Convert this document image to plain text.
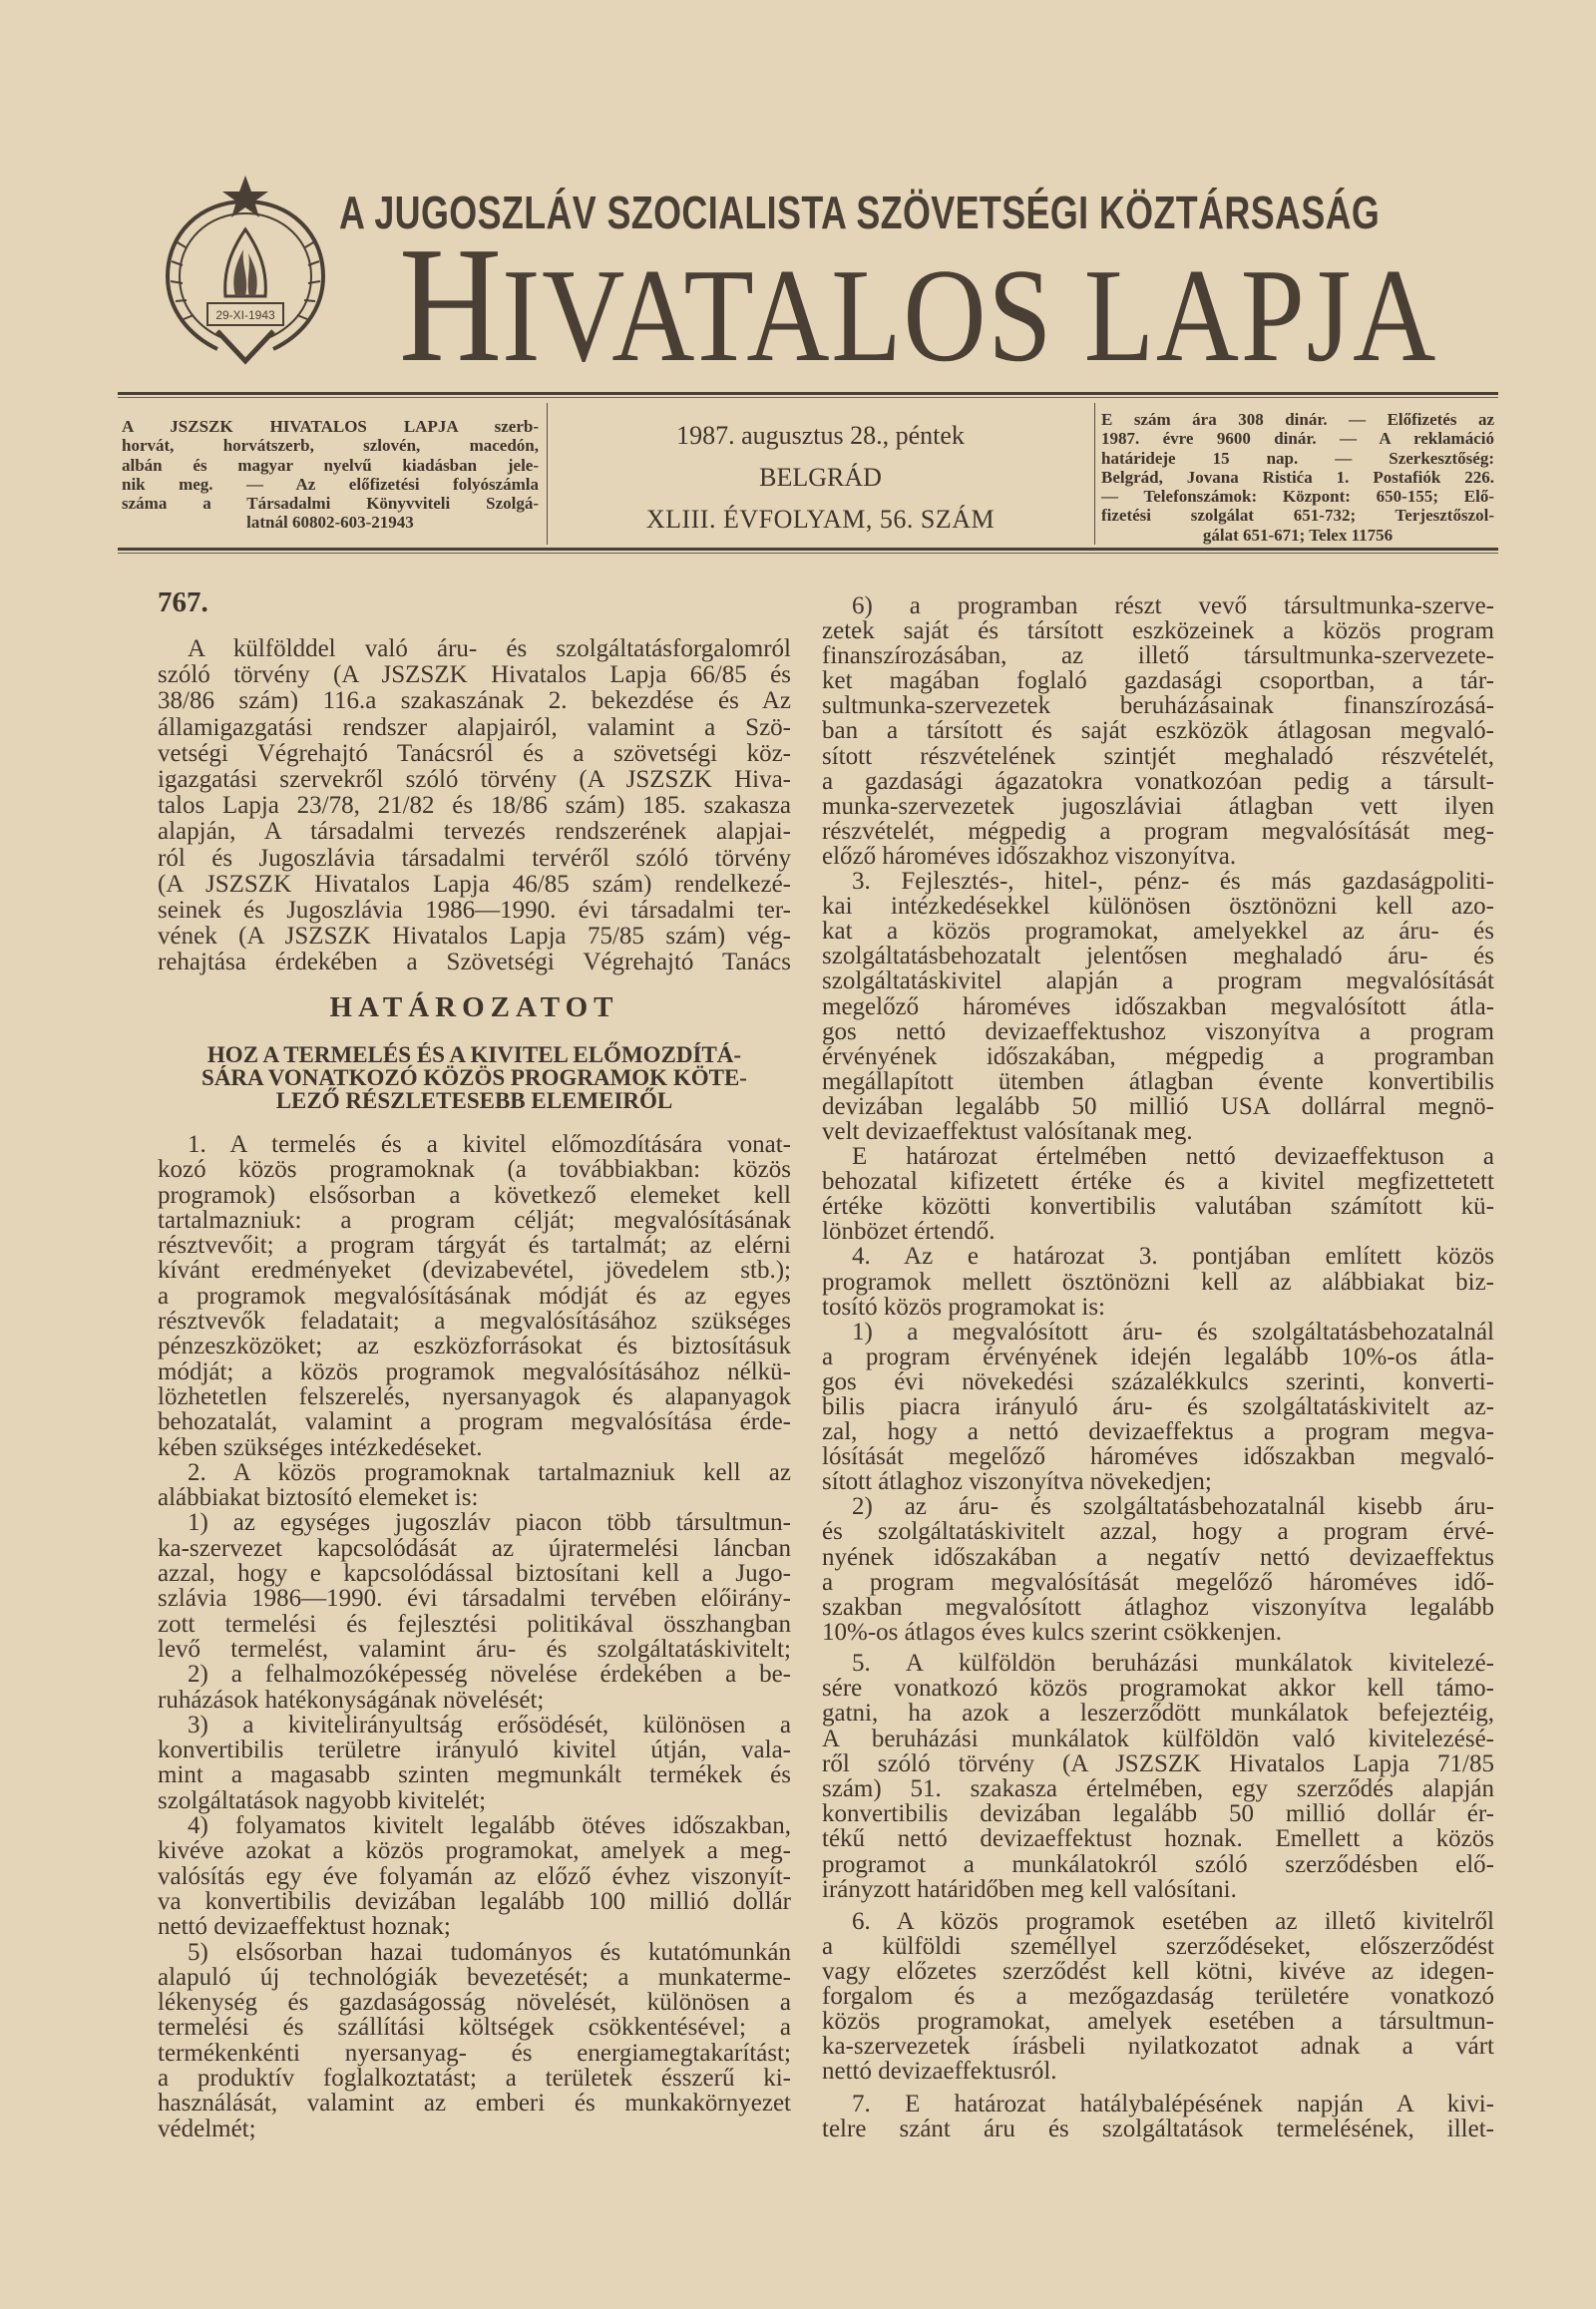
29-XI-1943
A JUGOSZLÁV SZOCIALISTA SZÖVETSÉGI KÖZTÁRSASÁG
HIVATALOS LAPJA
A JSZSZK HIVATALOS LAPJA szerb-
horvát, horvátszerb, szlovén, macedón,
albán és magyar nyelvű kiadásban jele-
nik meg. — Az előfizetési folyószámla
száma a Társadalmi Könyvviteli Szolgá-
latnál 60802-603-21943
1987. augusztus 28., péntek
BELGRÁD
XLIII. ÉVFOLYAM, 56. SZÁM
E szám ára 308 dinár. — Előfizetés az
1987. évre 9600 dinár. — A reklamáció
határideje 15 nap. — Szerkesztőség:
Belgrád, Jovana Ristića 1. Postafiók 226.
— Telefonszámok: Központ: 650-155; Elő-
fizetési szolgálat 651-732; Terjesztőszol-
gálat 651-671; Telex 11756
767.
A külfölddel való áru- és szolgáltatásforgalomról
szóló törvény (A JSZSZK Hivatalos Lapja 66/85 és
38/86 szám) 116.a szakaszának 2. bekezdése és Az
államigazgatási rendszer alapjairól, valamint a Szö-
vetségi Végrehajtó Tanácsról és a szövetségi köz-
igazgatási szervekről szóló törvény (A JSZSZK Hiva-
talos Lapja 23/78, 21/82 és 18/86 szám) 185. szakasza
alapján, A társadalmi tervezés rendszerének alapjai-
ról és Jugoszlávia társadalmi tervéről szóló törvény
(A JSZSZK Hivatalos Lapja 46/85 szám) rendelkezé-
seinek és Jugoszlávia 1986—1990. évi társadalmi ter-
vének (A JSZSZK Hivatalos Lapja 75/85 szám) vég-
rehajtása érdekében a Szövetségi Végrehajtó Tanács
HATÁROZATOT
HOZ A TERMELÉS ÉS A KIVITEL ELŐMOZDÍTÁ-
SÁRA VONATKOZÓ KÖZÖS PROGRAMOK KÖTE-
LEZŐ RÉSZLETESEBB ELEMEIRŐL
1. A termelés és a kivitel előmozdítására vonat-
kozó közös programoknak (a továbbiakban: közös
programok) elsősorban a következő elemeket kell
tartalmazniuk: a program célját; megvalósításának
résztvevőit; a program tárgyát és tartalmát; az elérni
kívánt eredményeket (devizabevétel, jövedelem stb.);
a programok megvalósításának módját és az egyes
résztvevők feladatait; a megvalósításához szükséges
pénzeszközöket; az eszközforrásokat és biztosításuk
módját; a közös programok megvalósításához nélkü-
lözhetetlen felszerelés, nyersanyagok és alapanyagok
behozatalát, valamint a program megvalósítása érde-
kében szükséges intézkedéseket.
2. A közös programoknak tartalmazniuk kell az
alábbiakat biztosító elemeket is:
1) az egységes jugoszláv piacon több társultmun-
ka-szervezet kapcsolódását az újratermelési láncban
azzal, hogy e kapcsolódással biztosítani kell a Jugo-
szlávia 1986—1990. évi társadalmi tervében előirány-
zott termelési és fejlesztési politikával összhangban
levő termelést, valamint áru- és szolgáltatáskivitelt;
2) a felhalmozóképesség növelése érdekében a be-
ruházások hatékonyságának növelését;
3) a kivitelirányultság erősödését, különösen a
konvertibilis területre irányuló kivitel útján, vala-
mint a magasabb szinten megmunkált termékek és
szolgáltatások nagyobb kivitelét;
4) folyamatos kivitelt legalább ötéves időszakban,
kivéve azokat a közös programokat, amelyek a meg-
valósítás egy éve folyamán az előző évhez viszonyít-
va konvertibilis devizában legalább 100 millió dollár
nettó devizaeffektust hoznak;
5) elsősorban hazai tudományos és kutatómunkán
alapuló új technológiák bevezetését; a munkaterme-
lékenység és gazdaságosság növelését, különösen a
termelési és szállítási költségek csökkentésével; a
termékenkénti nyersanyag- és energiamegtakarítást;
a produktív foglalkoztatást; a területek ésszerű ki-
használását, valamint az emberi és munkakörnyezet
védelmét;
6) a programban részt vevő társultmunka-szerve-
zetek saját és társított eszközeinek a közös program
finanszírozásában, az illető társultmunka-szervezete-
ket magában foglaló gazdasági csoportban, a tár-
sultmunka-szervezetek beruházásainak finanszírozásá-
ban a társított és saját eszközök átlagosan megvaló-
sított részvételének szintjét meghaladó részvételét,
a gazdasági ágazatokra vonatkozóan pedig a társult-
munka-szervezetek jugoszláviai átlagban vett ilyen
részvételét, mégpedig a program megvalósítását meg-
előző hároméves időszakhoz viszonyítva.
3. Fejlesztés-, hitel-, pénz- és más gazdaságpoliti-
kai intézkedésekkel különösen ösztönözni kell azo-
kat a közös programokat, amelyekkel az áru- és
szolgáltatásbehozatalt jelentősen meghaladó áru- és
szolgáltatáskivitel alapján a program megvalósítását
megelőző hároméves időszakban megvalósított átla-
gos nettó devizaeffektushoz viszonyítva a program
érvényének időszakában, mégpedig a programban
megállapított ütemben átlagban évente konvertibilis
devizában legalább 50 millió USA dollárral megnö-
velt devizaeffektust valósítanak meg.
E határozat értelmében nettó devizaeffektuson a
behozatal kifizetett értéke és a kivitel megfizettetett
értéke közötti konvertibilis valutában számított kü-
lönbözet értendő.
4. Az e határozat 3. pontjában említett közös
programok mellett ösztönözni kell az alábbiakat biz-
tosító közös programokat is:
1) a megvalósított áru- és szolgáltatásbehozatalnál
a program érvényének idején legalább 10%-os átla-
gos évi növekedési százalékkulcs szerinti, konverti-
bilis piacra irányuló áru- és szolgáltatáskivitelt az-
zal, hogy a nettó devizaeffektus a program megva-
lósítását megelőző hároméves időszakban megvaló-
sított átlaghoz viszonyítva növekedjen;
2) az áru- és szolgáltatásbehozatalnál kisebb áru-
és szolgáltatáskivitelt azzal, hogy a program érvé-
nyének időszakában a negatív nettó devizaeffektus
a program megvalósítását megelőző hároméves idő-
szakban megvalósított átlaghoz viszonyítva legalább
10%-os átlagos éves kulcs szerint csökkenjen.
5. A külföldön beruházási munkálatok kivitelezé-
sére vonatkozó közös programokat akkor kell támo-
gatni, ha azok a leszerződött munkálatok befejeztéig,
A beruházási munkálatok külföldön való kivitelezésé-
ről szóló törvény (A JSZSZK Hivatalos Lapja 71/85
szám) 51. szakasza értelmében, egy szerződés alapján
konvertibilis devizában legalább 50 millió dollár ér-
tékű nettó devizaeffektust hoznak. Emellett a közös
programot a munkálatokról szóló szerződésben elő-
irányzott határidőben meg kell valósítani.
6. A közös programok esetében az illető kivitelről
a külföldi személlyel szerződéseket, előszerződést
vagy előzetes szerződést kell kötni, kivéve az idegen-
forgalom és a mezőgazdaság területére vonatkozó
közös programokat, amelyek esetében a társultmun-
ka-szervezetek írásbeli nyilatkozatot adnak a várt
nettó devizaeffektusról.
7. E határozat hatálybalépésének napján A kivi-
telre szánt áru és szolgáltatások termelésének, illet-
